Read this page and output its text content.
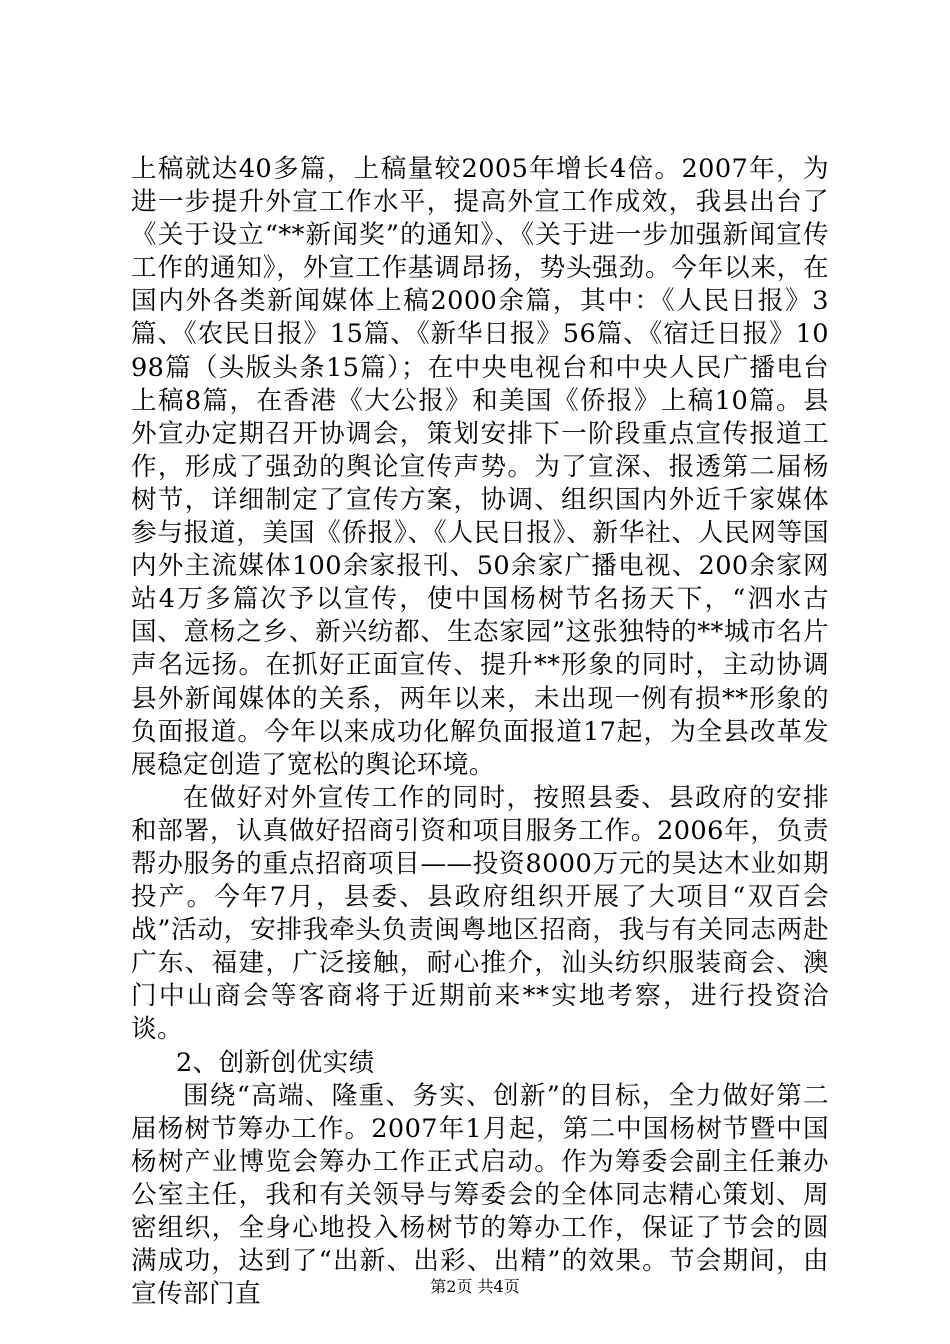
上稿就达40多篇，上稿量较2005年增长4倍。2007年，为进一步提升外宣工作水平，提高外宣工作成效，我县出台了《关于设立“**新闻奖”的通知》、《关于进一步加强新闻宣传工作的通知》，外宣工作基调昂扬，势头强劲。今年以来，在国内外各类新闻媒体上稿2000余篇，其中：《人民日报》3篇、《农民日报》15篇、《新华日报》56篇、《宿迁日报》1098篇（头版头条15篇）；在中央电视台和中央人民广播电台上稿8篇，在香港《大公报》和美国《侨报》上稿10篇。县外宣办定期召开协调会，策划安排下一阶段重点宣传报道工作，形成了强劲的舆论宣传声势。为了宣深、报透第二届杨树节，详细制定了宣传方案，协调、组织国内外近千家媒体参与报道，美国《侨报》、《人民日报》、新华社、人民网等国内外主流媒体100余家报刊、50余家广播电视、200余家网站4万多篇次予以宣传，使中国杨树节名扬天下，“泗水古国、意杨之乡、新兴纺都、生态家园”这张独特的**城市名片声名远扬。在抓好正面宣传、提升**形象的同时，主动协调县外新闻媒体的关系，两年以来，未出现一例有损**形象的负面报道。今年以来成功化解负面报道17起，为全县改革发展稳定创造了宽松的舆论环境。

在做好对外宣传工作的同时，按照县委、县政府的安排和部署，认真做好招商引资和项目服务工作。2006年，负责帮办服务的重点招商项目——投资8000万元的昊达木业如期投产。今年7月，县委、县政府组织开展了大项目“双百会战”活动，安排我牵头负责闽粤地区招商，我与有关同志两赴广东、福建，广泛接触，耐心推介，汕头纺织服装商会、澳门中山商会等客商将于近期前来**实地考察，进行投资洽谈。

2、创新创优实绩

围绕“高端、隆重、务实、创新”的目标，全力做好第二届杨树节筹办工作。2007年1月起，第二中国杨树节暨中国杨树产业博览会筹办工作正式启动。作为筹委会副主任兼办公室主任，我和有关领导与筹委会的全体同志精心策划、周密组织，全身心地投入杨树节的筹办工作，保证了节会的圆满成功，达到了“出新、出彩、出精”的效果。节会期间，由宣传部门直	第2页 共4页
